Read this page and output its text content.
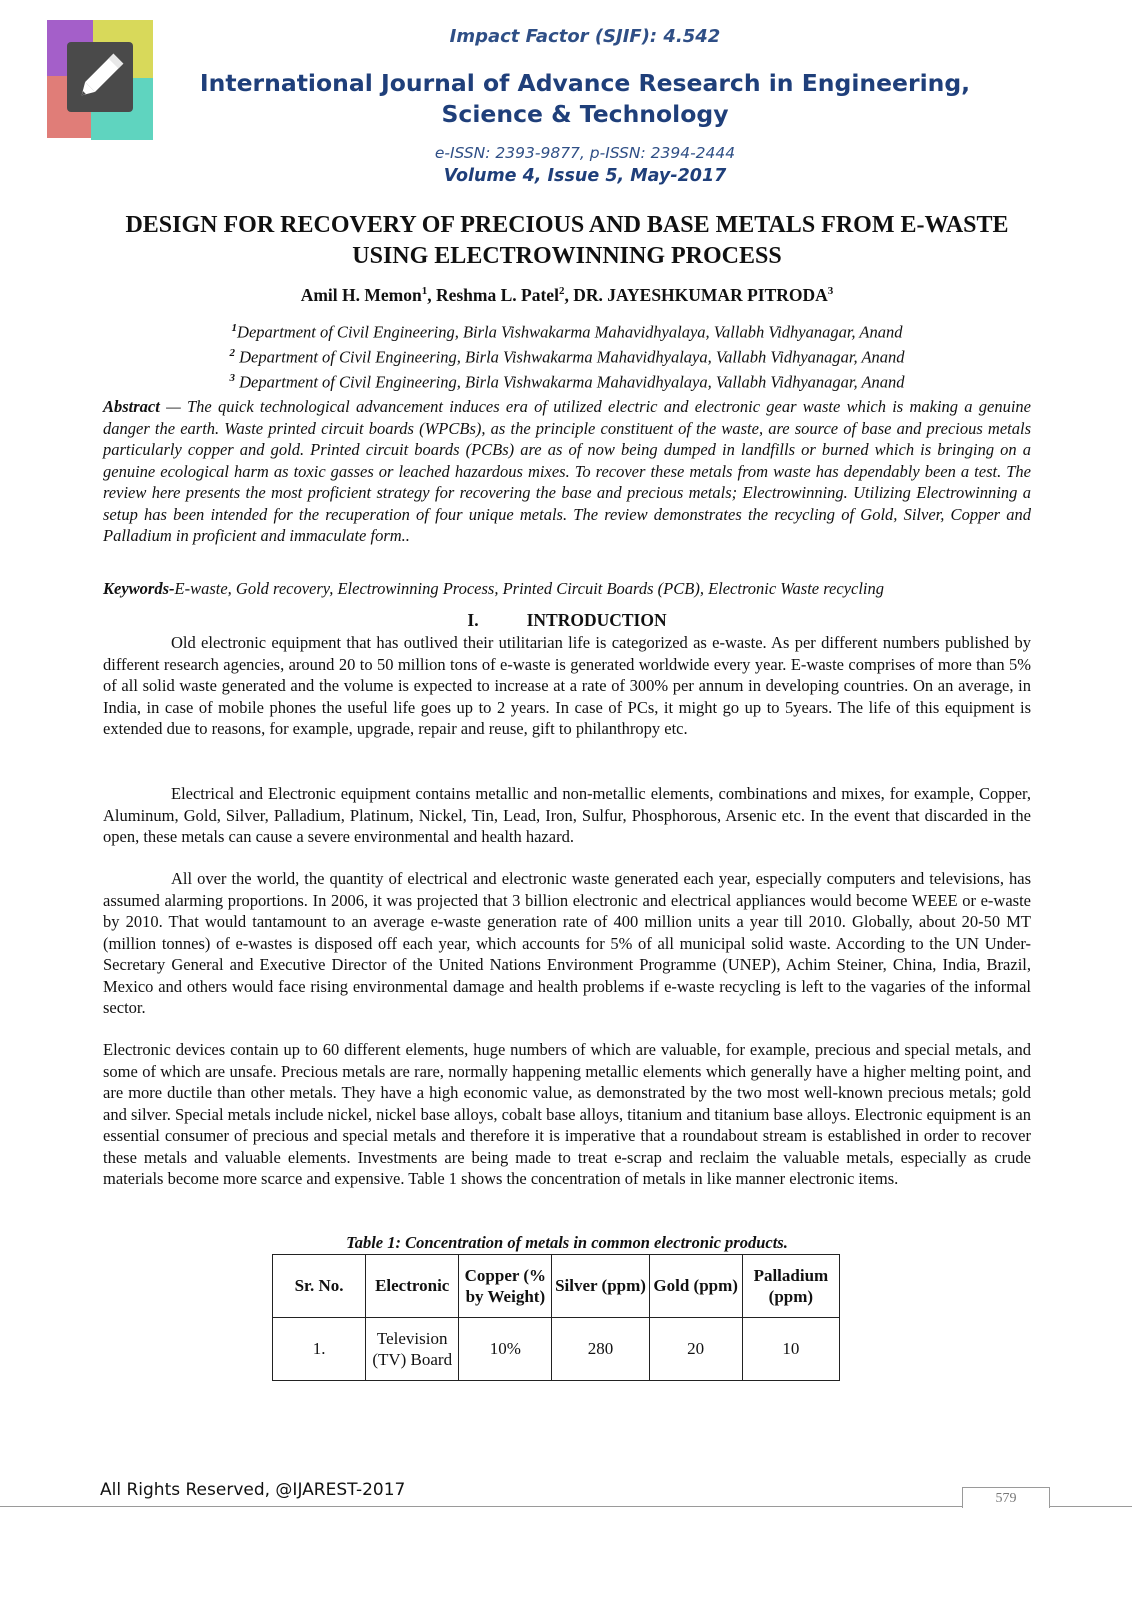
Impact Factor (SJIF): 4.542
International Journal of Advance Research in Engineering, Science & Technology
e-ISSN: 2393-9877, p-ISSN: 2394-2444
Volume 4, Issue 5, May-2017
DESIGN FOR RECOVERY OF PRECIOUS AND BASE METALS FROM E-WASTE USING ELECTROWINNING PROCESS
Amil H. Memon$^1$, Reshma L. Patel$^2$, DR. JAYESHKUMAR PITRODA$^3$
$^1$Department of Civil Engineering, Birla Vishwakarma Mahavidhyalaya, Vallabh Vidhyanagar, Anand
$^2$ Department of Civil Engineering, Birla Vishwakarma Mahavidhyalaya, Vallabh Vidhyanagar, Anand
$^3$ Department of Civil Engineering, Birla Vishwakarma Mahavidhyalaya, Vallabh Vidhyanagar, Anand
Abstract — The quick technological advancement induces era of utilized electric and electronic gear waste which is making a genuine danger the earth. Waste printed circuit boards (WPCBs), as the principle constituent of the waste, are source of base and precious metals particularly copper and gold. Printed circuit boards (PCBs) are as of now being dumped in landfills or burned which is bringing on a genuine ecological harm as toxic gasses or leached hazardous mixes. To recover these metals from waste has dependably been a test. The review here presents the most proficient strategy for recovering the base and precious metals; Electrowinning. Utilizing Electrowinning a setup has been intended for the recuperation of four unique metals. The review demonstrates the recycling of Gold, Silver, Copper and Palladium in proficient and immaculate form..
Keywords-E-waste, Gold recovery, Electrowinning Process, Printed Circuit Boards (PCB), Electronic Waste recycling
I.	INTRODUCTION

Old electronic equipment that has outlived their utilitarian life is categorized as e-waste. As per different numbers published by different research agencies, around 20 to 50 million tons of e-waste is generated worldwide every year. E-waste comprises of more than 5% of all solid waste generated and the volume is expected to increase at a rate of 300% per annum in developing countries. On an average, in India, in case of mobile phones the useful life goes up to 2 years. In case of PCs, it might go up to 5years. The life of this equipment is extended due to reasons, for example, upgrade, repair and reuse, gift to philanthropy etc.

Electrical and Electronic equipment contains metallic and non-metallic elements, combinations and mixes, for example, Copper, Aluminum, Gold, Silver, Palladium, Platinum, Nickel, Tin, Lead, Iron, Sulfur, Phosphorous, Arsenic etc. In the event that discarded in the open, these metals can cause a severe environmental and health hazard.

All over the world, the quantity of electrical and electronic waste generated each year, especially computers and televisions, has assumed alarming proportions. In 2006, it was projected that 3 billion electronic and electrical appliances would become WEEE or e-waste by 2010. That would tantamount to an average e-waste generation rate of 400 million units a year till 2010. Globally, about 20-50 MT (million tonnes) of e-wastes is disposed off each year, which accounts for 5% of all municipal solid waste. According to the UN Under-Secretary General and Executive Director of the United Nations Environment Programme (UNEP), Achim Steiner, China, India, Brazil, Mexico and others would face rising environmental damage and health problems if e-waste recycling is left to the vagaries of the informal sector.

Electronic devices contain up to 60 different elements, huge numbers of which are valuable, for example, precious and special metals, and some of which are unsafe. Precious metals are rare, normally happening metallic elements which generally have a higher melting point, and are more ductile than other metals. They have a high economic value, as demonstrated by the two most well-known precious metals; gold and silver. Special metals include nickel, nickel base alloys, cobalt base alloys, titanium and titanium base alloys. Electronic equipment is an essential consumer of precious and special metals and therefore it is imperative that a roundabout stream is established in order to recover these metals and valuable elements. Investments are being made to treat e-scrap and reclaim the valuable metals, especially as crude materials become more scarce and expensive. Table 1 shows the concentration of metals in like manner electronic items.

Table 1: Concentration of metals in common electronic products.
Sr. No.	Electronic	Copper (% by Weight)	Silver (ppm)	Gold (ppm)	Palladium (ppm)
1.	Television (TV) Board	10%	280	20	10
All Rights Reserved, @IJAREST-2017	579
